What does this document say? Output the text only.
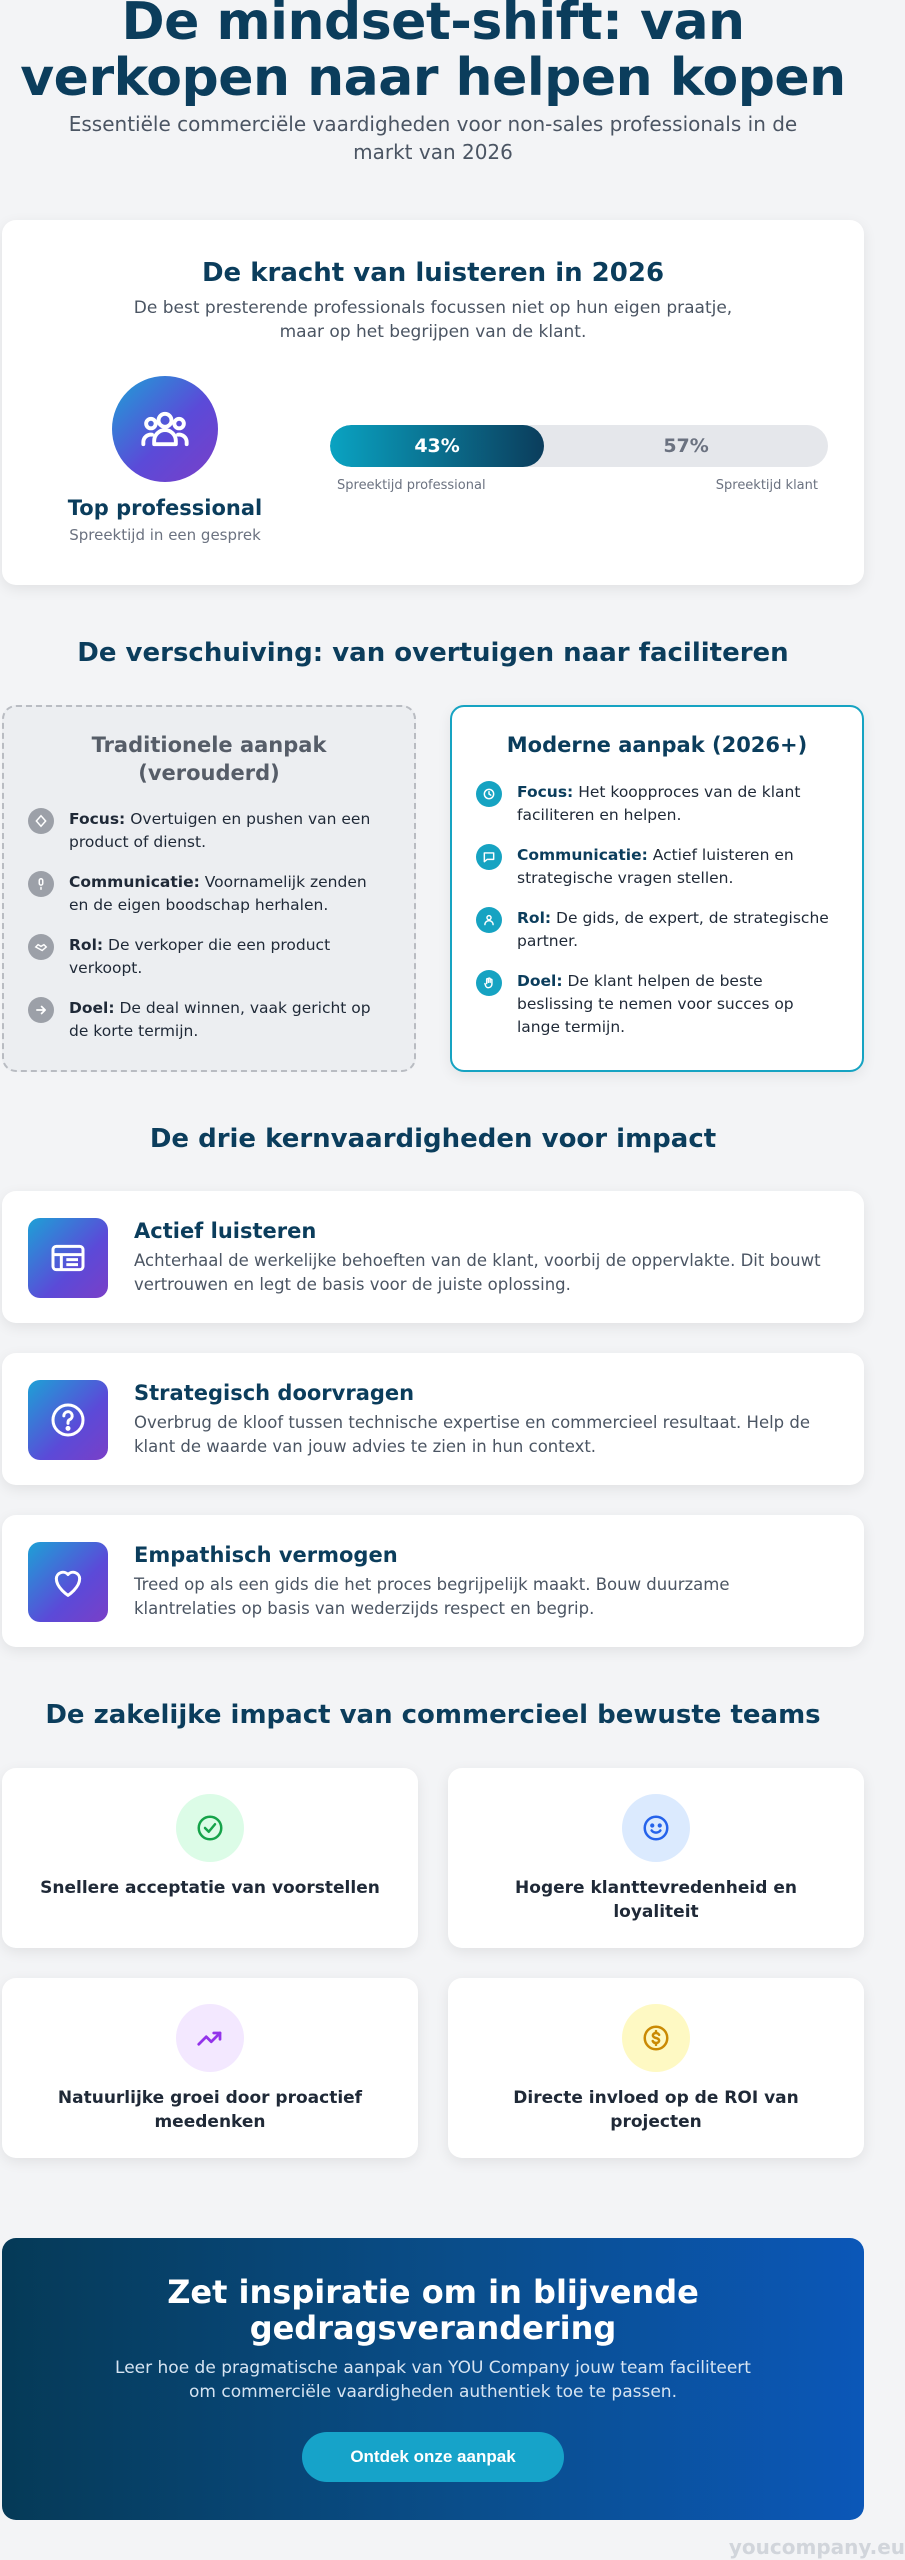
De mindset-shift: van verkopen naar helpen kopen

Essentiële commerciële vaardigheden voor non-sales professionals in de markt van 2026

De kracht van luisteren in 2026

De best presterende professionals focussen niet op hun eigen praatje, maar op het begrijpen van de klant.

Top professional
Spreektijd in een gesprek
43%	57%
Spreektijd professional	Spreektijd klant
De verschuiving: van overtuigen naar faciliteren
Traditionele aanpak (verouderd)
Focus: Overtuigen en pushen van een product of dienst.
Communicatie: Voornamelijk zenden en de eigen boodschap herhalen.
Rol: De verkoper die een product verkoopt.
Doel: De deal winnen, vaak gericht op de korte termijn.
Moderne aanpak (2026+)
Focus: Het koopproces van de klant faciliteren en helpen.
Communicatie: Actief luisteren en strategische vragen stellen.
Rol: De gids, de expert, de strategische partner.
Doel: De klant helpen de beste beslissing te nemen voor succes op lange termijn.
De drie kernvaardigheden voor impact
Actief luisteren

Achterhaal de werkelijke behoeften van de klant, voorbij de oppervlakte. Dit bouwt vertrouwen en legt de basis voor de juiste oplossing.

Strategisch doorvragen

Overbrug de kloof tussen technische expertise en commercieel resultaat. Help de klant de waarde van jouw advies te zien in hun context.

Empathisch vermogen

Treed op als een gids die het proces begrijpelijk maakt. Bouw duurzame klantrelaties op basis van wederzijds respect en begrip.

De zakelijke impact van commercieel bewuste teams
Snellere acceptatie van voorstellen	Hogere klanttevredenheid en loyaliteit
Natuurlijke groei door proactief meedenken
Directe invloed op de ROI van projecten
Zet inspiratie om in blijvende gedragsverandering

Leer hoe de pragmatische aanpak van YOU Company jouw team faciliteert om commerciële vaardigheden authentiek toe te passen.

Ontdek onze aanpak
youcompany.eu
